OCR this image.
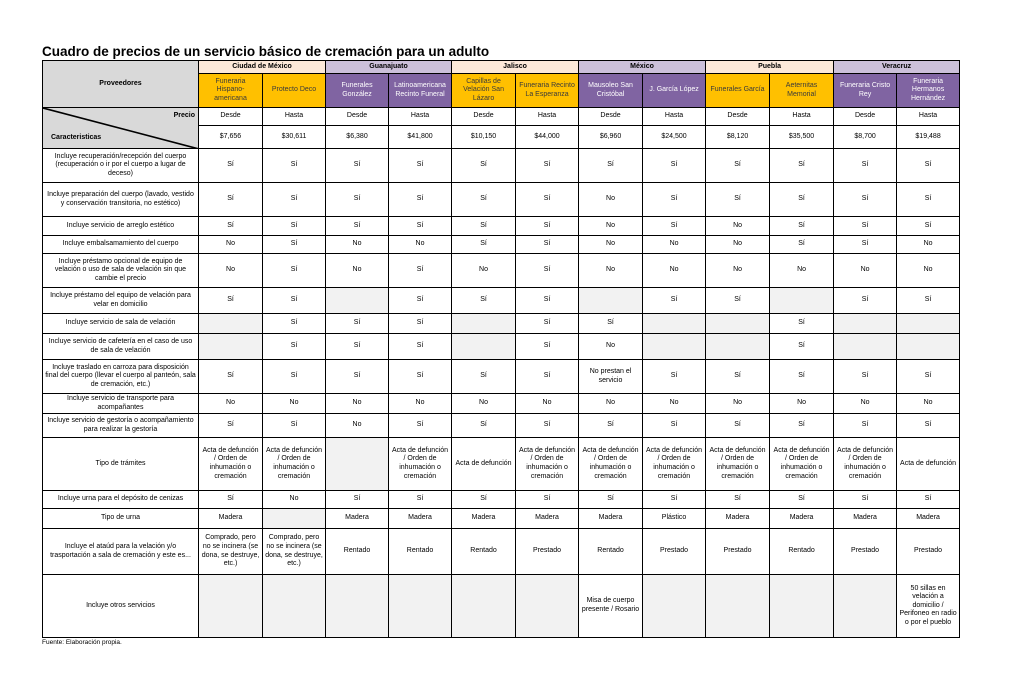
Cuadro de precios de un servicio básico de cremación para un adulto
Proveedores	Ciudad de México		Guanajuato		Jalisco		México		Puebla		Veracruz	
	Funeraria Hispano-americana	Protecto Deco	Funerales González	Latinoamericana Recinto Funeral	Capillas de Velación San Lázaro	Funeraria Recinto La Esperanza	Mausoleo San Cristóbal	J. García López	Funerales García	Aeternitas Memorial	Funeraria Cristo Rey	Funeraria Hermanos Hernández

Precio
Caracteristicas	Desde	Hasta	Desde	Hasta	Desde	Hasta	Desde	Hasta	Desde	Hasta	Desde	Hasta
	$7,656	$30,611	$6,380	$41,800	$10,150	$44,000	$6,960	$24,500	$8,120	$35,500	$8,700	$19,488
Incluye recuperación/recepción del cuerpo (recuperación o ir por el cuerpo a lugar de deceso)	Sí	Sí	Sí	Sí	Sí	Sí	Sí	Sí	Sí	Sí	Sí	Sí
Incluye preparación del cuerpo (lavado, vestido y conservación transitoria, no estético)	Sí	Sí	Sí	Sí	Sí	Sí	No	Sí	Sí	Sí	Sí	Sí
Incluye servicio de arreglo estético	Sí	Sí	Sí	Sí	Sí	Sí	No	Sí	No	Sí	Sí	Sí
Incluye embalsamamiento del cuerpo	No	Sí	No	No	Sí	Sí	No	No	No	Sí	Sí	No
Incluye préstamo opcional de equipo de velación o uso de sala de velación sin que cambie el precio	No	Sí	No	Sí	No	Sí	No	No	No	No	No	No
Incluye préstamo del equipo de velación para velar en domicilio	Sí	Sí		Sí	Sí	Sí		Sí	Sí		Sí	Sí
Incluye servicio de sala de velación		Sí	Sí	Sí		Sí	Sí			Sí		
Incluye servicio de cafetería en el caso de uso de sala de velación		Sí	Sí	Sí		Sí	No			Sí		
Incluye traslado en carroza para disposición final del cuerpo (llevar el cuerpo al panteón, sala de cremación, etc.)	Sí	Sí	Sí	Sí	Sí	Sí	No prestan el servicio	Sí	Sí	Sí	Sí	Sí
Incluye servicio de transporte para acompañantes	No	No	No	No	No	No	No	No	No	No	No	No
Incluye servicio de gestoría o acompañamiento para realizar la gestoría	Sí	Sí	No	Sí	Sí	Sí	Sí	Sí	Sí	Sí	Sí	Sí
Tipo de trámites	Acta de defunción / Orden de inhumación o cremación	Acta de defunción / Orden de inhumación o cremación		Acta de defunción / Orden de inhumación o cremación	Acta de defunción	Acta de defunción / Orden de inhumación o cremación	Acta de defunción / Orden de inhumación o cremación	Acta de defunción / Orden de inhumación o cremación	Acta de defunción / Orden de inhumación o cremación	Acta de defunción / Orden de inhumación o cremación	Acta de defunción / Orden de inhumación o cremación	Acta de defunción
Incluye urna para el depósito de cenizas	Sí	No	Sí	Sí	Sí	Sí	Sí	Sí	Sí	Sí	Sí	Sí
Tipo de urna	Madera		Madera	Madera	Madera	Madera	Madera	Plástico	Madera	Madera	Madera	Madera
Incluye el ataúd para la velación y/o trasportación a sala de cremación y este es...	Comprado, pero no se incinera (se dona, se destruye, etc.)	Comprado, pero no se incinera (se dona, se destruye, etc.)	Rentado	Rentado	Rentado	Prestado	Rentado	Prestado	Prestado	Rentado	Prestado	Prestado
Incluye otros servicios							Misa de cuerpo presente / Rosario					50 sillas en velación a domicilio / Perifoneo en radio o por el pueblo
Fuente: Elaboración propia.
